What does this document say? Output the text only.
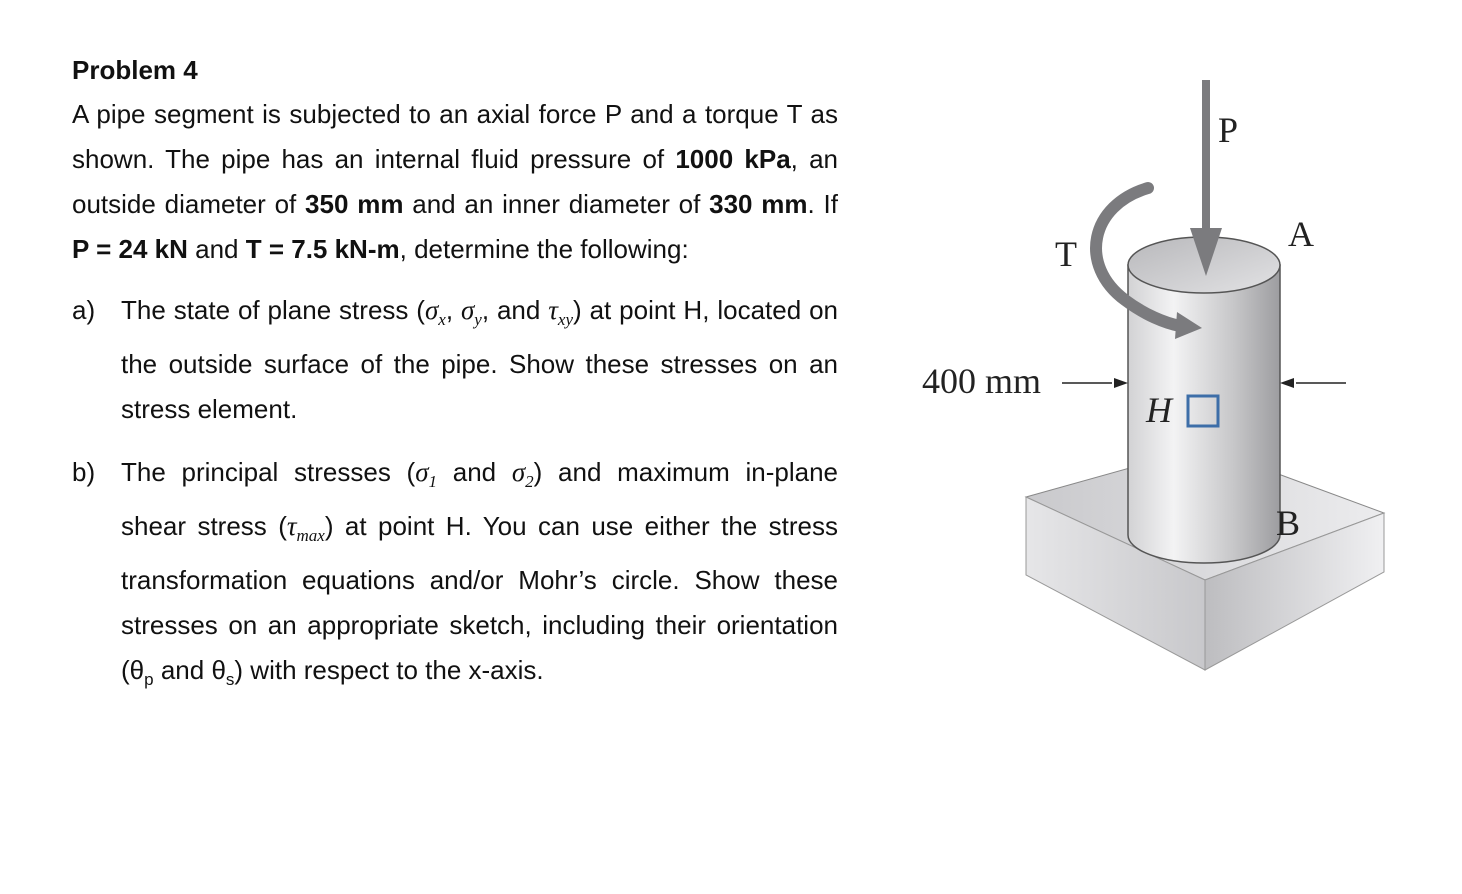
Problem 4

A pipe segment is subjected to an axial force P and a torque T as shown. The pipe has an internal fluid pressure of 1000 kPa, an outside diameter of 350 mm and an inner diameter of 330 mm. If P = 24 kN and T = 7.5 kN-m, determine the following:

a) The state of plane stress ($\sigma_x$, $\sigma_y$, and $\tau_{xy}$) at point H, located on the outside surface of the pipe. Show these stresses on an stress element.
b) The principal stresses ($\sigma_1$ and $\sigma_2$) and maximum in-plane shear stress $(\tau_{max})$ at point H. You can use either the stress transformation equations and/or Mohr’s circle. Show these stresses on an appropriate sketch, including their orientation ($\theta_p$ and $\theta_s$) with respect to the x-axis.
P
A
T
400 mm
H
B
